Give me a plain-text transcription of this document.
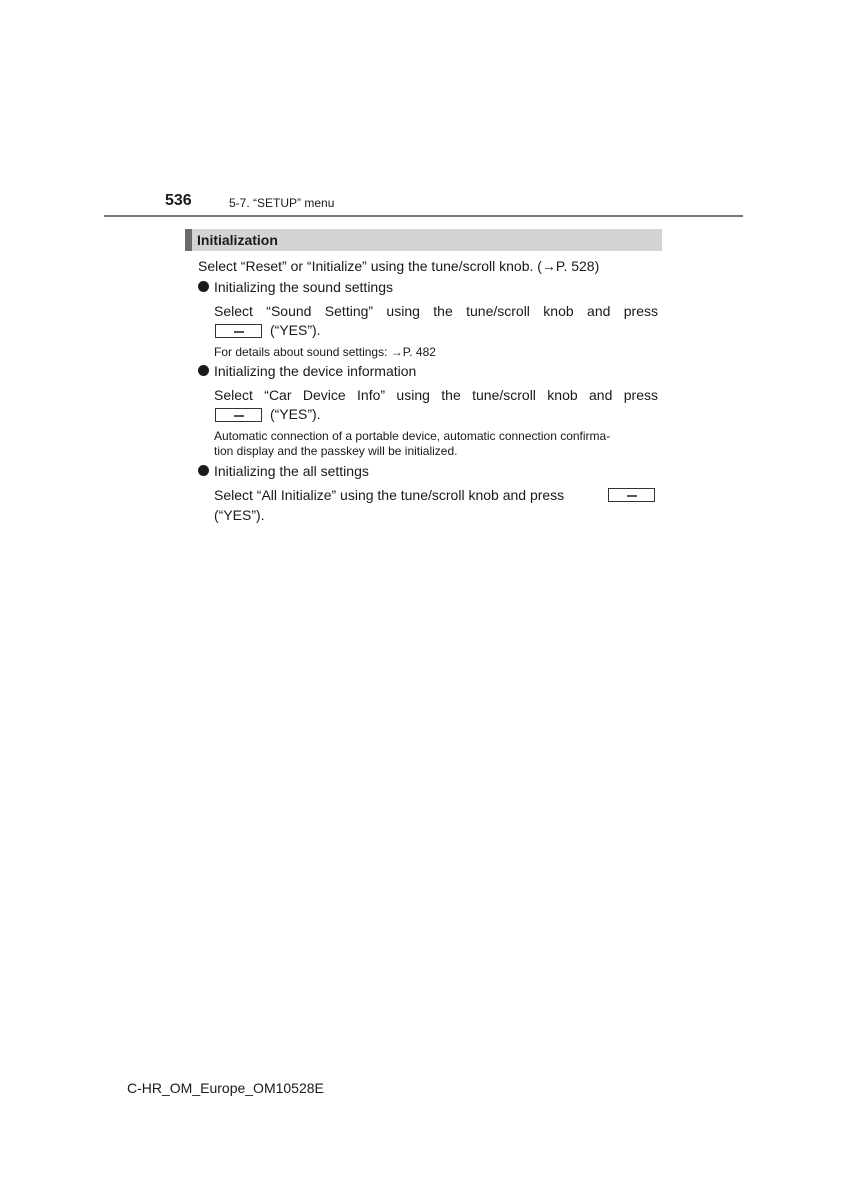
536	5-7. “SETUP” menu
Initialization
Select “Reset” or “Initialize” using the tune/scroll knob. (→P. 528)
Initializing the sound settings
Select “Sound Setting” using the tune/scroll knob and press
(“YES”).
For details about sound settings: →P. 482
Initializing the device information
Select “Car Device Info” using the tune/scroll knob and press
(“YES”).
Automatic connection of a portable device, automatic connection confirma-
tion display and the passkey will be initialized.
Initializing the all settings
Select “All Initialize” using the tune/scroll knob and press
(“YES”).
C-HR_OM_Europe_OM10528E
